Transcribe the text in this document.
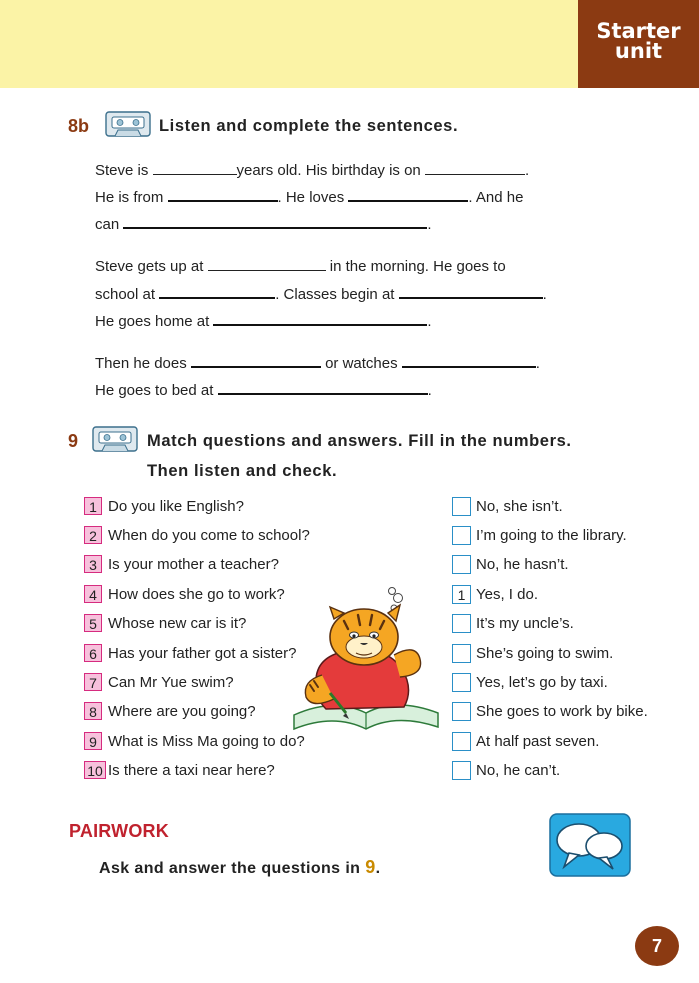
Starter
unit
8b	Listen and complete the sentences.
Steve is	years old. His birthday is on	.
He is from	. He loves	. And he
can	.
Steve gets up at	in the morning. He goes to
school at	. Classes begin at	.
He goes home at	.
Then he does	or watches	.
He goes to bed at	.
9	Match questions and answers. Fill in the numbers.
Then listen and check.
1 Do you like English?
2 When do you come to school?
3 Is your mother a teacher?
4 How does she go to work?
5 Whose new car is it?
6 Has your father got a sister?
7 Can Mr Yue swim?
8 Where are you going?
9 What is Miss Ma going to do?
10 Is there a taxi near here?
No, she isn’t.
I’m going to the library.
No, he hasn’t.
1 Yes, I do.
It’s my uncle’s.
She’s going to swim.
Yes, let’s go by taxi.
She goes to work by bike.
At half past seven.
No, he can’t.
PAIRWORK
Ask and answer the questions in 9.
7
